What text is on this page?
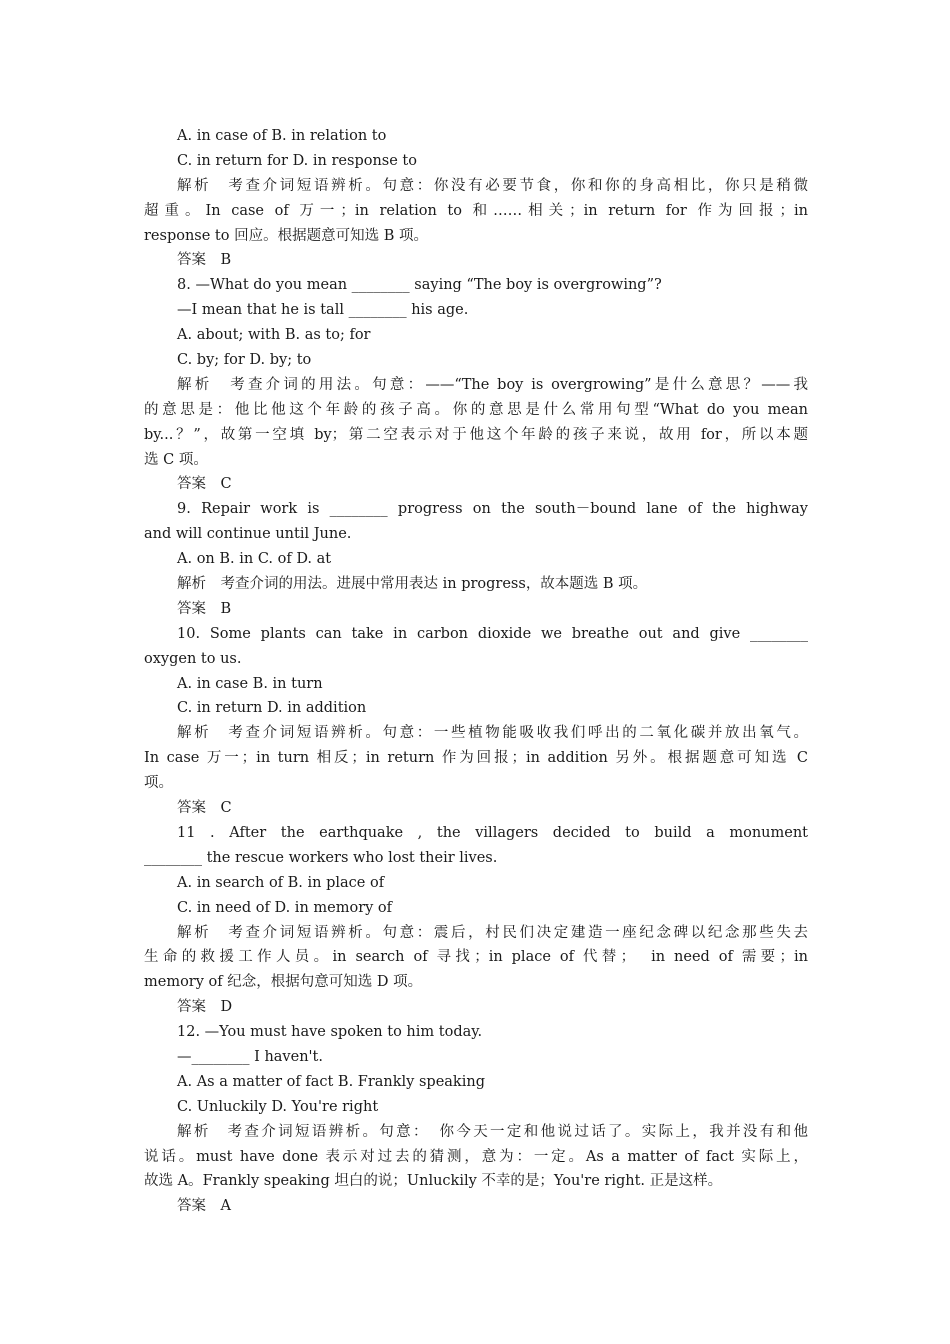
A. in case of B. in relation to
C. in return for D. in response to
解析　考查介词短语辨析。句意：你没有必要节食，你和你的身高相比，你只是稍微
超重。In case of 万一；in relation to 和……相关；in return for 作为回报；in
response to 回应。根据题意可知选 B 项。
答案　B
8. —What do you mean ________ saying “The boy is overgrowing”?
—I mean that he is tall ________ his age.
A. about; with B. as to; for
C. by; for D. by; to
解析　考查介词的用法。句意：——“The boy is overgrowing”是什么意思？——我
的意思是：他比他这个年龄的孩子高。你的意思是什么常用句型“What do you mean
by...？”，故第一空填 by；第二空表示对于他这个年龄的孩子来说，故用 for，所以本题
选 C 项。
答案　C
9. Repair work is ________ progress on the south－bound lane of the highway
and will continue until June.
A. on B. in C. of D. at
解析　考查介词的用法。进展中常用表达 in progress，故本题选 B 项。
答案　B
10. Some plants can take in carbon dioxide we breathe out and give ________
oxygen to us.
A. in case B. in turn
C. in return D. in addition
解析　考查介词短语辨析。句意：一些植物能吸收我们呼出的二氧化碳并放出氧气。
In case 万一；in turn 相反；in return 作为回报；in addition 另外。根据题意可知选 C
项。
答案　C
11 . After the earthquake , the villagers decided to build a monument
________ the rescue workers who lost their lives.
A. in search of B. in place of
C. in need of D. in memory of
解析　考查介词短语辨析。句意：震后，村民们决定建造一座纪念碑以纪念那些失去
生命的救援工作人员。in search of 寻找；in place of 代替；　in need of 需要；in
memory of 纪念，根据句意可知选 D 项。
答案　D
12. —You must have spoken to him today.
—________ I haven't.
A. As a matter of fact B. Frankly speaking
C. Unluckily D. You're right
解析　考查介词短语辨析。句意：　你今天一定和他说过话了。实际上，我并没有和他
说话。must have done 表示对过去的猜测，意为：一定。As a matter of fact 实际上，
故选 A。Frankly speaking 坦白的说；Unluckily 不幸的是；You're right. 正是这样。
答案　A
